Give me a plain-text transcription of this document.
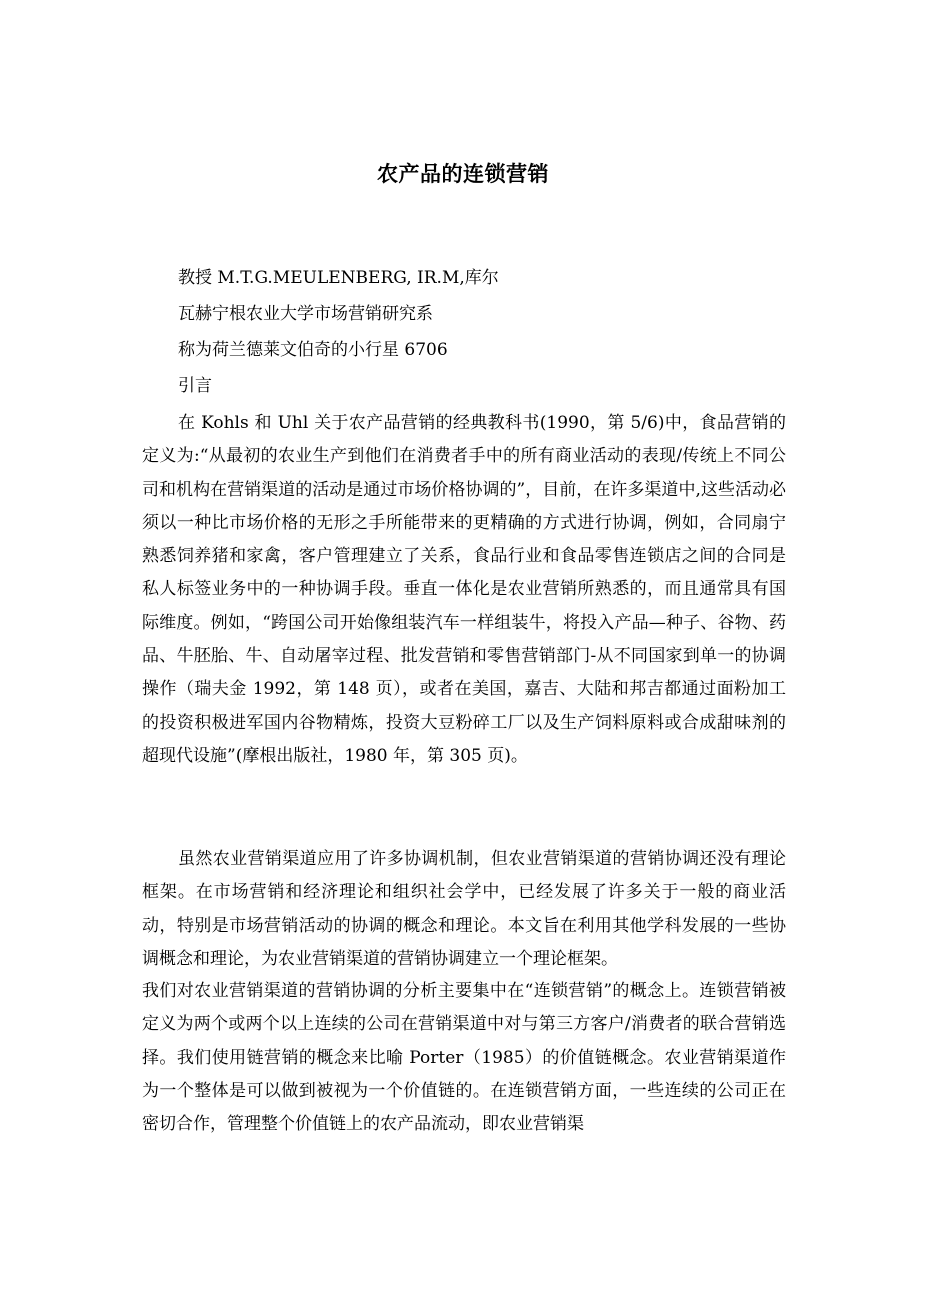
农产品的连锁营销
教授 M.T.G.MEULENBERG, IR.M,库尔
瓦赫宁根农业大学市场营销研究系
称为荷兰德莱文伯奇的小行星 6706
引言
在 Kohls 和 Uhl 关于农产品营销的经典教科书(1990，第 5/6)中，食品营销的定义为:“从最初的农业生产到他们在消费者手中的所有商业活动的表现/传统上不同公司和机构在营销渠道的活动是通过市场价格协调的”，目前，在许多渠道中,这些活动必须以一种比市场价格的无形之手所能带来的更精确的方式进行协调，例如，合同扇宁熟悉饲养猪和家禽，客户管理建立了关系，食品行业和食品零售连锁店之间的合同是私人标签业务中的一种协调手段。垂直一体化是农业营销所熟悉的，而且通常具有国际维度。例如，“跨国公司开始像组装汽车一样组装牛，将投入产品—种子、谷物、药品、牛胚胎、牛、自动屠宰过程、批发营销和零售营销部门-从不同国家到单一的协调操作（瑞夫金 1992，第 148 页），或者在美国，嘉吉、大陆和邦吉都通过面粉加工的投资积极进军国内谷物精炼，投资大豆粉碎工厂以及生产饲料原料或合成甜味剂的超现代设施”(摩根出版社，1980 年，第 305 页)。
虽然农业营销渠道应用了许多协调机制，但农业营销渠道的营销协调还没有理论框架。在市场营销和经济理论和组织社会学中，已经发展了许多关于一般的商业活动，特别是市场营销活动的协调的概念和理论。本文旨在利用其他学科发展的一些协调概念和理论，为农业营销渠道的营销协调建立一个理论框架。
我们对农业营销渠道的营销协调的分析主要集中在“连锁营销”的概念上。连锁营销被定义为两个或两个以上连续的公司在营销渠道中对与第三方客户/消费者的联合营销选择。我们使用链营销的概念来比喻 Porter（1985）的价值链概念。农业营销渠道作为一个整体是可以做到被视为一个价值链的。在连锁营销方面，一些连续的公司正在密切合作，管理整个价值链上的农产品流动，即农业营销渠
